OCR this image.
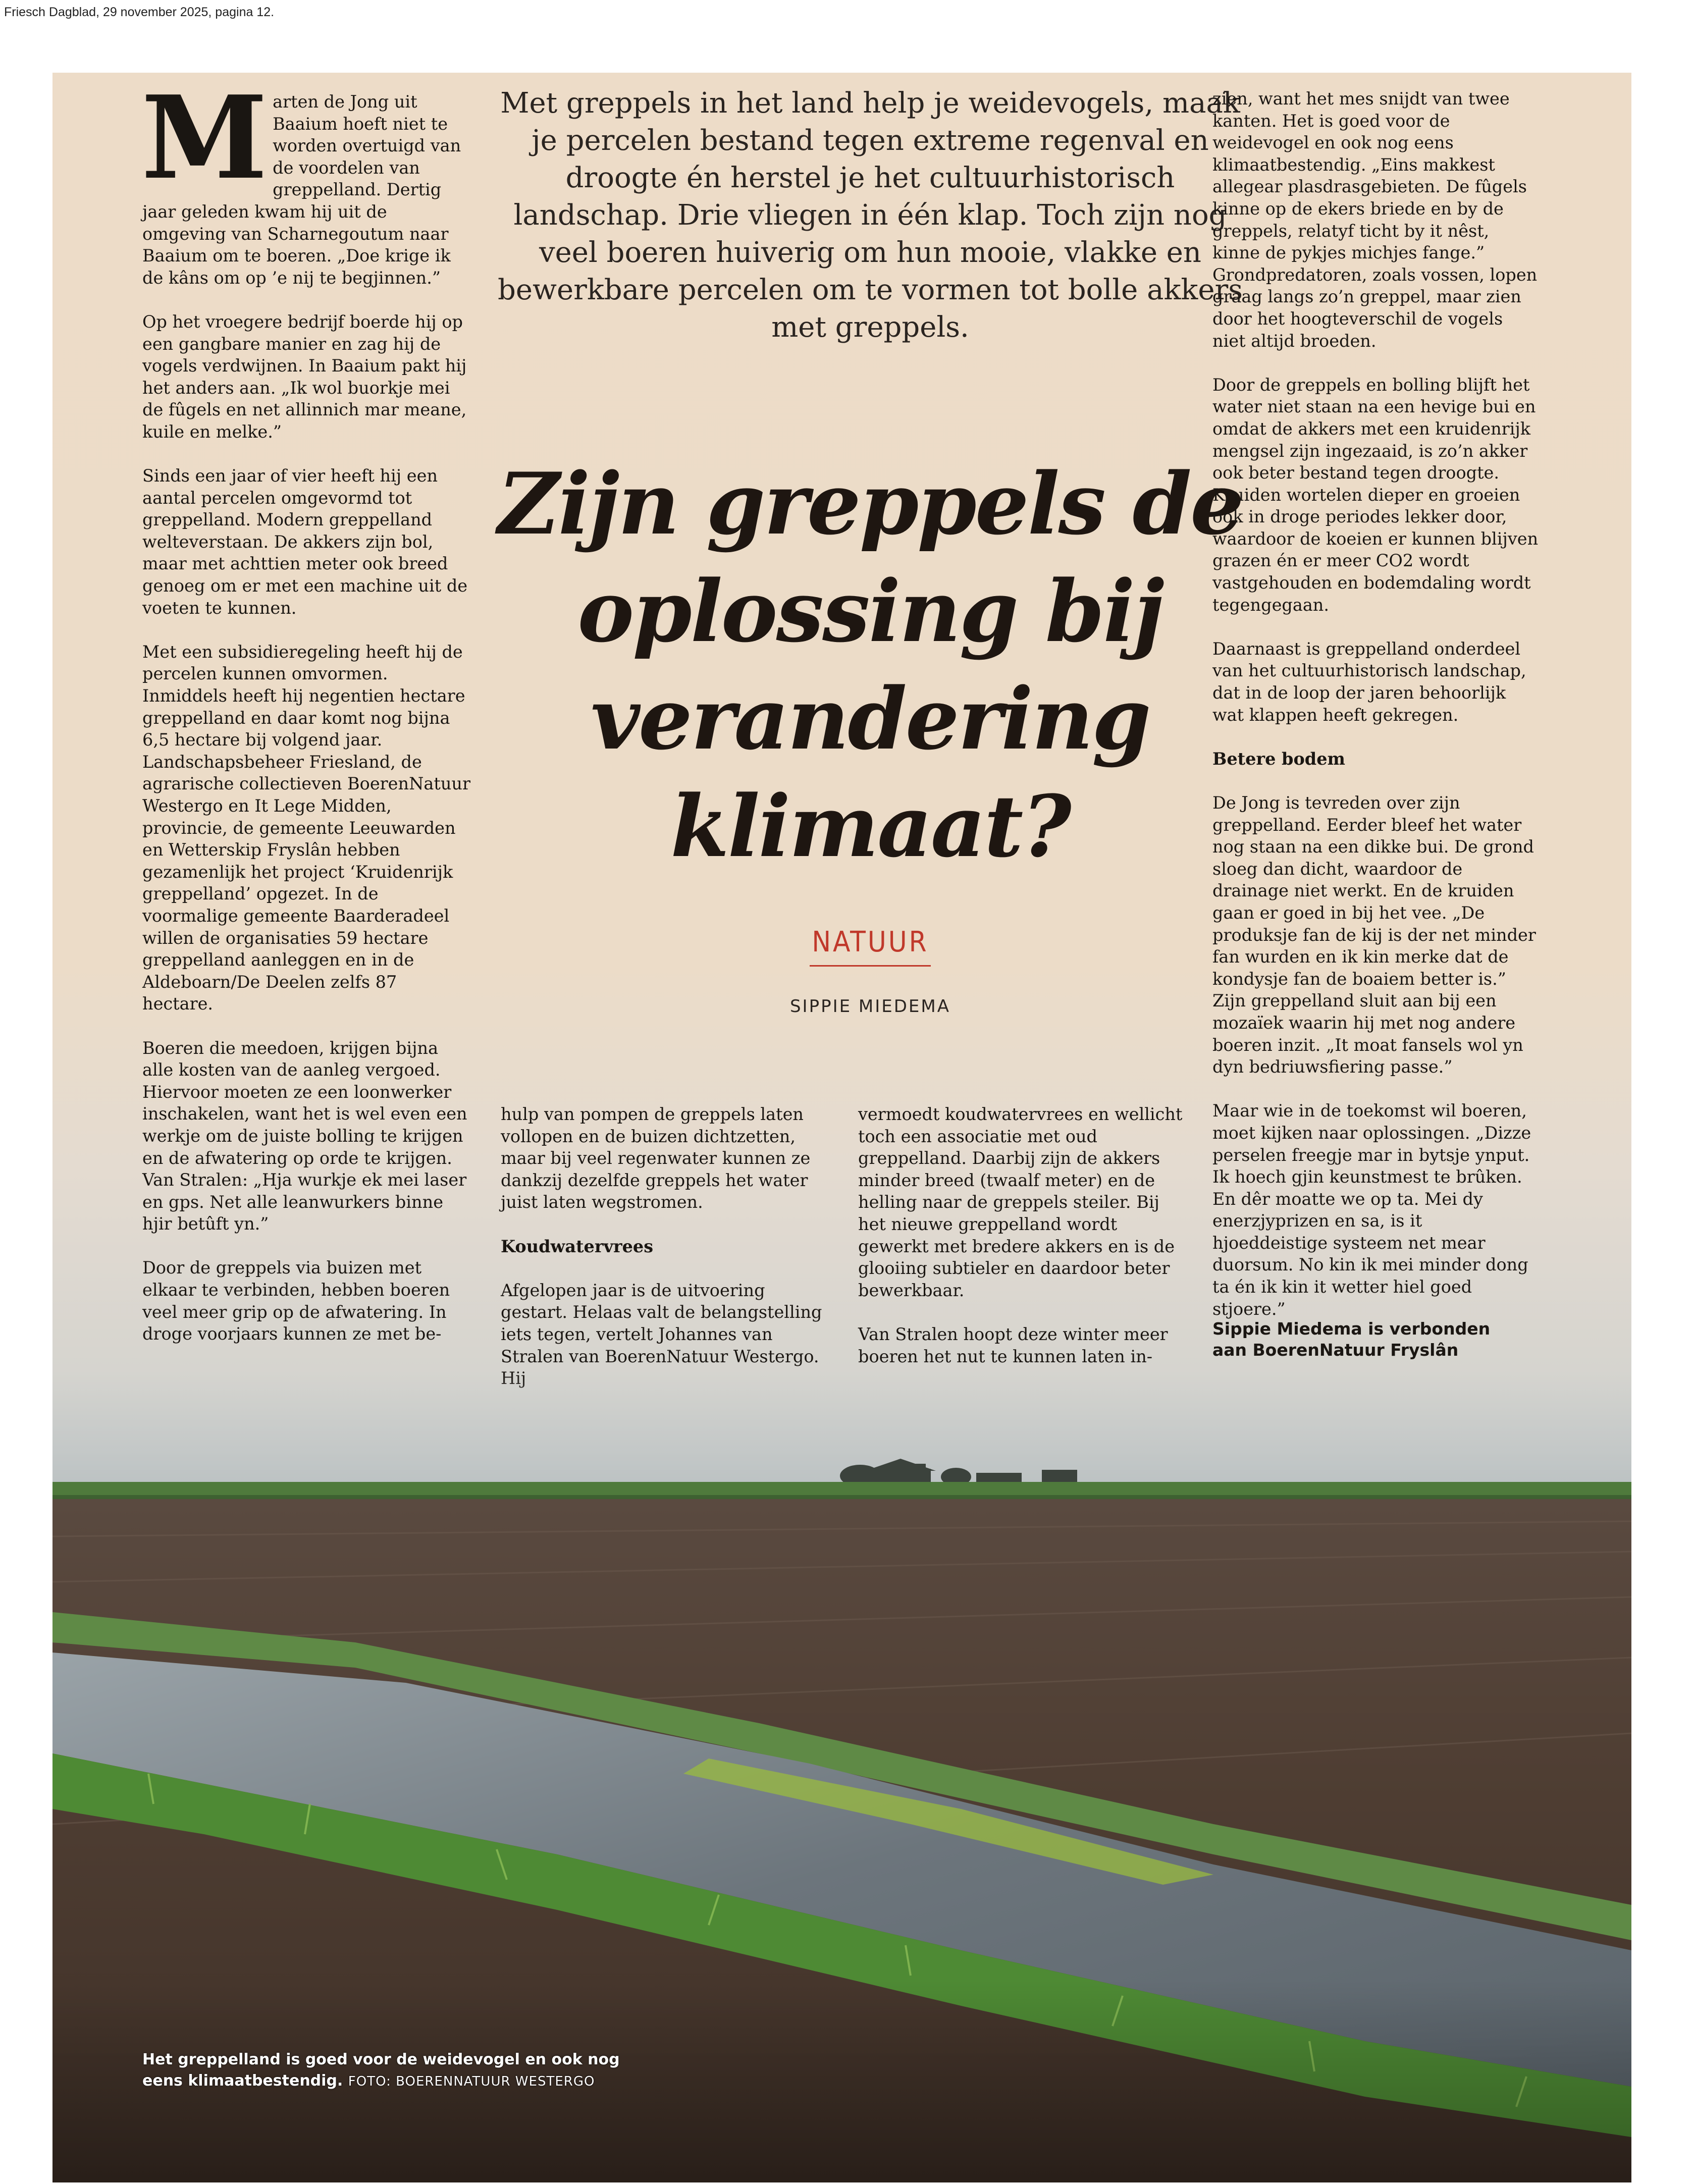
Friesch Dagblad, 29 november 2025, pagina 12.

Marten de Jong uit Baaium hoeft niet te worden overtuigd van de voordelen van greppelland. Dertig jaar geleden kwam hij uit de omgeving van Scharnegoutum naar Baaium om te boeren. „Doe krige ik de kâns om op ’e nij te begjinnen.”

Op het vroegere bedrijf boerde hij op een gangbare manier en zag hij de vogels verdwijnen. In Baaium pakt hij het anders aan. „Ik wol buorkje mei de fûgels en net allinnich mar meane, kuile en melke.”

Sinds een jaar of vier heeft hij een aantal percelen omgevormd tot greppelland. Modern greppelland welteverstaan. De akkers zijn bol, maar met achttien meter ook breed genoeg om er met een machine uit de voeten te kunnen.

Met een subsidieregeling heeft hij de percelen kunnen omvormen. Inmiddels heeft hij negentien hectare greppelland en daar komt nog bijna 6,5 hectare bij volgend jaar. Landschapsbeheer Friesland, de agrarische collectieven BoerenNatuur Westergo en It Lege Midden, provincie, de gemeente Leeuwarden en Wetterskip Fryslân hebben gezamenlijk het project ‘Kruidenrijk greppelland’ opgezet. In de voormalige gemeente Baarderadeel willen de organisaties 59 hectare greppelland aanleggen en in de Aldeboarn/De Deelen zelfs 87 hectare.

Boeren die meedoen, krijgen bijna alle kosten van de aanleg vergoed. Hiervoor moeten ze een loonwerker inschakelen, want het is wel even een werkje om de juiste bolling te krijgen en de afwatering op orde te krijgen. Van Stralen: „Hja wurkje ek mei laser en gps. Net alle leanwurkers binne hjir betûft yn.”

Door de greppels via buizen met elkaar te verbinden, hebben boeren veel meer grip op de afwatering. In droge voorjaars kunnen ze met be-

Met greppels in het land help je weidevogels, maak je percelen bestand tegen extreme regenval en droogte én herstel je het cultuurhistorisch landschap. Drie vliegen in één klap. Toch zijn nog veel boeren huiverig om hun mooie, vlakke en bewerkbare percelen om te vormen tot bolle akkers met greppels.
Zijn greppels de oplossing bij verandering klimaat?
NATUUR
SIPPIE MIEDEMA

hulp van pompen de greppels laten vollopen en de buizen dichtzetten, maar bij veel regenwater kunnen ze dankzij dezelfde greppels het water juist laten wegstromen.

Koudwatervrees

Afgelopen jaar is de uitvoering gestart. Helaas valt de belangstelling iets tegen, vertelt Johannes van Stralen van BoerenNatuur Westergo.

vermoedt koudwatervrees en wellicht toch een associatie met oud greppelland. Daarbij zijn de akkers minder breed (twaalf meter) en de helling naar de greppels steiler. Bij het nieuwe greppelland wordt gewerkt met bredere akkers en is de glooiing subtieler en daardoor beter bewerkbaar.

Van Stralen hoopt deze winter meer boeren het nut te kunnen laten in-

zien, want het mes snijdt van twee kanten. Het is goed voor de weidevogel en ook nog eens klimaatbestendig. „Eins makkest allegear plasdrasgebieten. De fûgels kinne op de ekers briede en by de greppels, relatyf ticht by it nêst, kinne de pykjes michjes fange.” Grondpredatoren, zoals vossen, lopen graag langs zo’n greppel, maar zien door het hoogteverschil de vogels niet altijd broeden.

Door de greppels en bolling blijft het water niet staan na een hevige bui en omdat de akkers met een kruidenrijk mengsel zijn ingezaaid, is zo’n akker ook beter bestand tegen droogte. Kruiden wortelen dieper en groeien ook in droge periodes lekker door, waardoor de koeien er kunnen blijven grazen én er meer CO2 wordt vastgehouden en bodemdaling wordt tegengegaan.

Daarnaast is greppelland onderdeel van het cultuurhistorisch landschap, dat in de loop der jaren behoorlijk wat klappen heeft gekregen.

Betere bodem

De Jong is tevreden over zijn greppelland. Eerder bleef het water nog staan na een dikke bui. De grond sloeg dan dicht, waardoor de drainage niet werkt. En de kruiden gaan er goed in bij het vee. „De produksje fan de kij is der net minder fan wurden en ik kin merke dat de kondysje fan de boaiem better is.” Zijn greppelland sluit aan bij een mozaïek waarin hij met nog andere boeren inzit. „It moat fansels wol yn dyn bedriuwsfiering passe.”

Maar wie in de toekomst wil boeren, moet kijken naar oplossingen. „Dizze perselen freegje mar in bytsje ynput. Ik hoech gjin keunstmest te brûken. En dêr moatte we op ta. Mei dy enerzjyprizen en sa, is it hjoeddeistige systeem net mear duorsum. No kin ik mei minder dong ta én ik kin it wetter hiel goed stjoere.”

Sippie Miedema is verbonden aan BoerenNatuur Fryslân
Het greppelland is goed voor de weidevogel en ook nog eens klimaatbestendig. FOTO: BOERENNATUUR WESTERGO
